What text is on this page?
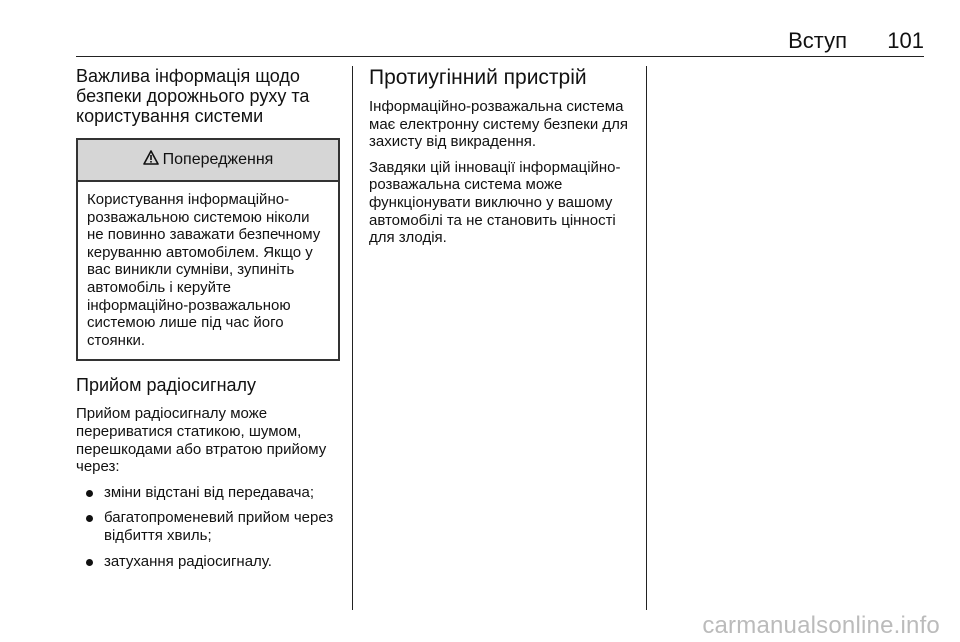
Вступ 101
Важлива інформація щодо безпеки дорожнього руху та користування системи
Попередження

Користування інформаційно-розважальною системою ніколи не повинно заважати безпечному керуванню автомобілем. Якщо у вас виникли сумніви, зупиніть автомобіль і керуйте інформаційно-розважальною системою лише під час його стоянки.

Прийом радіосигналу

Прийом радіосигналу може перериватися статикою, шумом, перешкодами або втратою прийому через:

зміни відстані від передавача;
багатопроменевий прийом через відбиття хвиль;
затухання радіосигналу.
Протиугінний пристрій

Інформаційно-розважальна система має електронну систему безпеки для захисту від викрадення.

Завдяки цій інновації інформаційно-розважальна система може функціонувати виключно у вашому автомобілі та не становить цінності для злодія.

carmanualsonline.info
